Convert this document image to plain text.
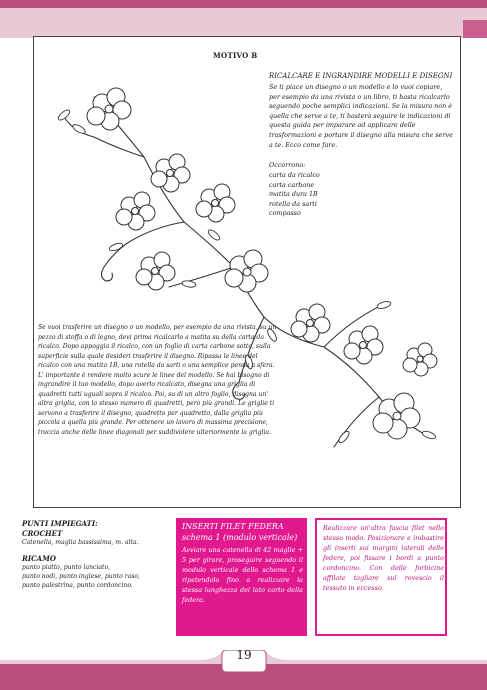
MOTIVO B
RICALCARE E INGRANDIRE MODELLI E DISEGNI
Se ti piace un disegno o un modello e lo vuoi copiare, per esempio da una rivista o un libro, ti basta ricalcarlo seguendo poche semplici indicazioni. Se la misura non è quella che serve a te, ti basterà seguire le indicazioni di questa guida per imparare ad applicare delle trasformazioni e portare il disegno alla misura che serve a te. Ecco come fare.
Occorrono:
carta da ricalco
carta carbone
matita dura 1B
rotella da sarti
compasso
Se vuoi trasferire un disegno o un modello, per esempio da una rivista, su un pezzo di stoffa o di legno, devi prima ricalcarlo a matita su della carta da ricalco. Dopo appoggia il ricalco, con un foglio di carta carbone sotto, sulla superficie sulla quale desideri trasferire il disegno. Ripassa le linee del ricalco con una matita 1B, una rotella da sarti o una semplice penna a sfera. L' importante è rendere molto scure le linee del modello. Se hai bisogno di ingrandire il tuo modello, dopo averlo ricalcato, disegna una griglia di quadretti tutti uguali sopra il ricalco. Poi, su di un altro foglio, disegna un' altra griglia, con lo stesso numero di quadretti, però più grandi. Le griglie ti servono a trasferire il disegno, quadretto per quadretto, dalla griglia più piccola a quella più grande. Per ottenere un lavoro di massima precisione, traccia anche delle linee diagonali per suddividere ulteriormente la griglia.
PUNTI IMPIEGATI:
CROCHET
Catenella, maglia bassissima, m. alta.
RICAMO
punto piatto, punto lanciato,
punto nodi, punto inglese, punto raso,
punto palestrina, punto cordoncino.
INSERTI FILET FEDERA
schema 1 (modulo verticale)
Avviare una catenella di 42 maglie + 5 per girare, proseguire seguendo il modulo verticale dello schema 1 e ripetendolo fino a realizzare la stessa lunghezza del lato corto della federa.
Realizzare un'altra fascia filet nello stesso modo. Posizionare e imbastire gli inserti sui margini laterali delle federe, poi fissare i bordi a punto cordoncino. Con delle forbicine affilate tagliare sul rovescio il tessuto in eccesso.
19
